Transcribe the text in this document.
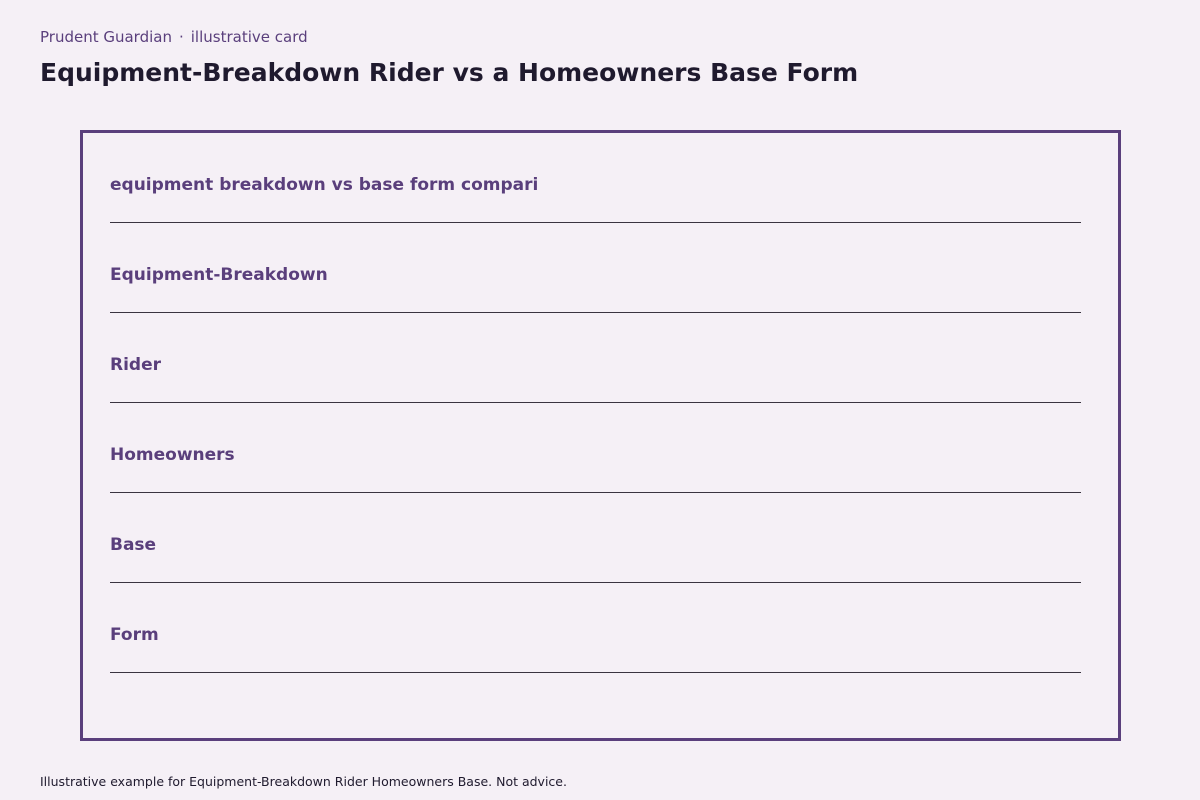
Prudent Guardian · illustrative card
Equipment-Breakdown Rider vs a Homeowners Base Form
equipment breakdown vs base form compari
Equipment-Breakdown
Rider
Homeowners
Base
Form
Illustrative example for Equipment-Breakdown Rider Homeowners Base. Not advice.
